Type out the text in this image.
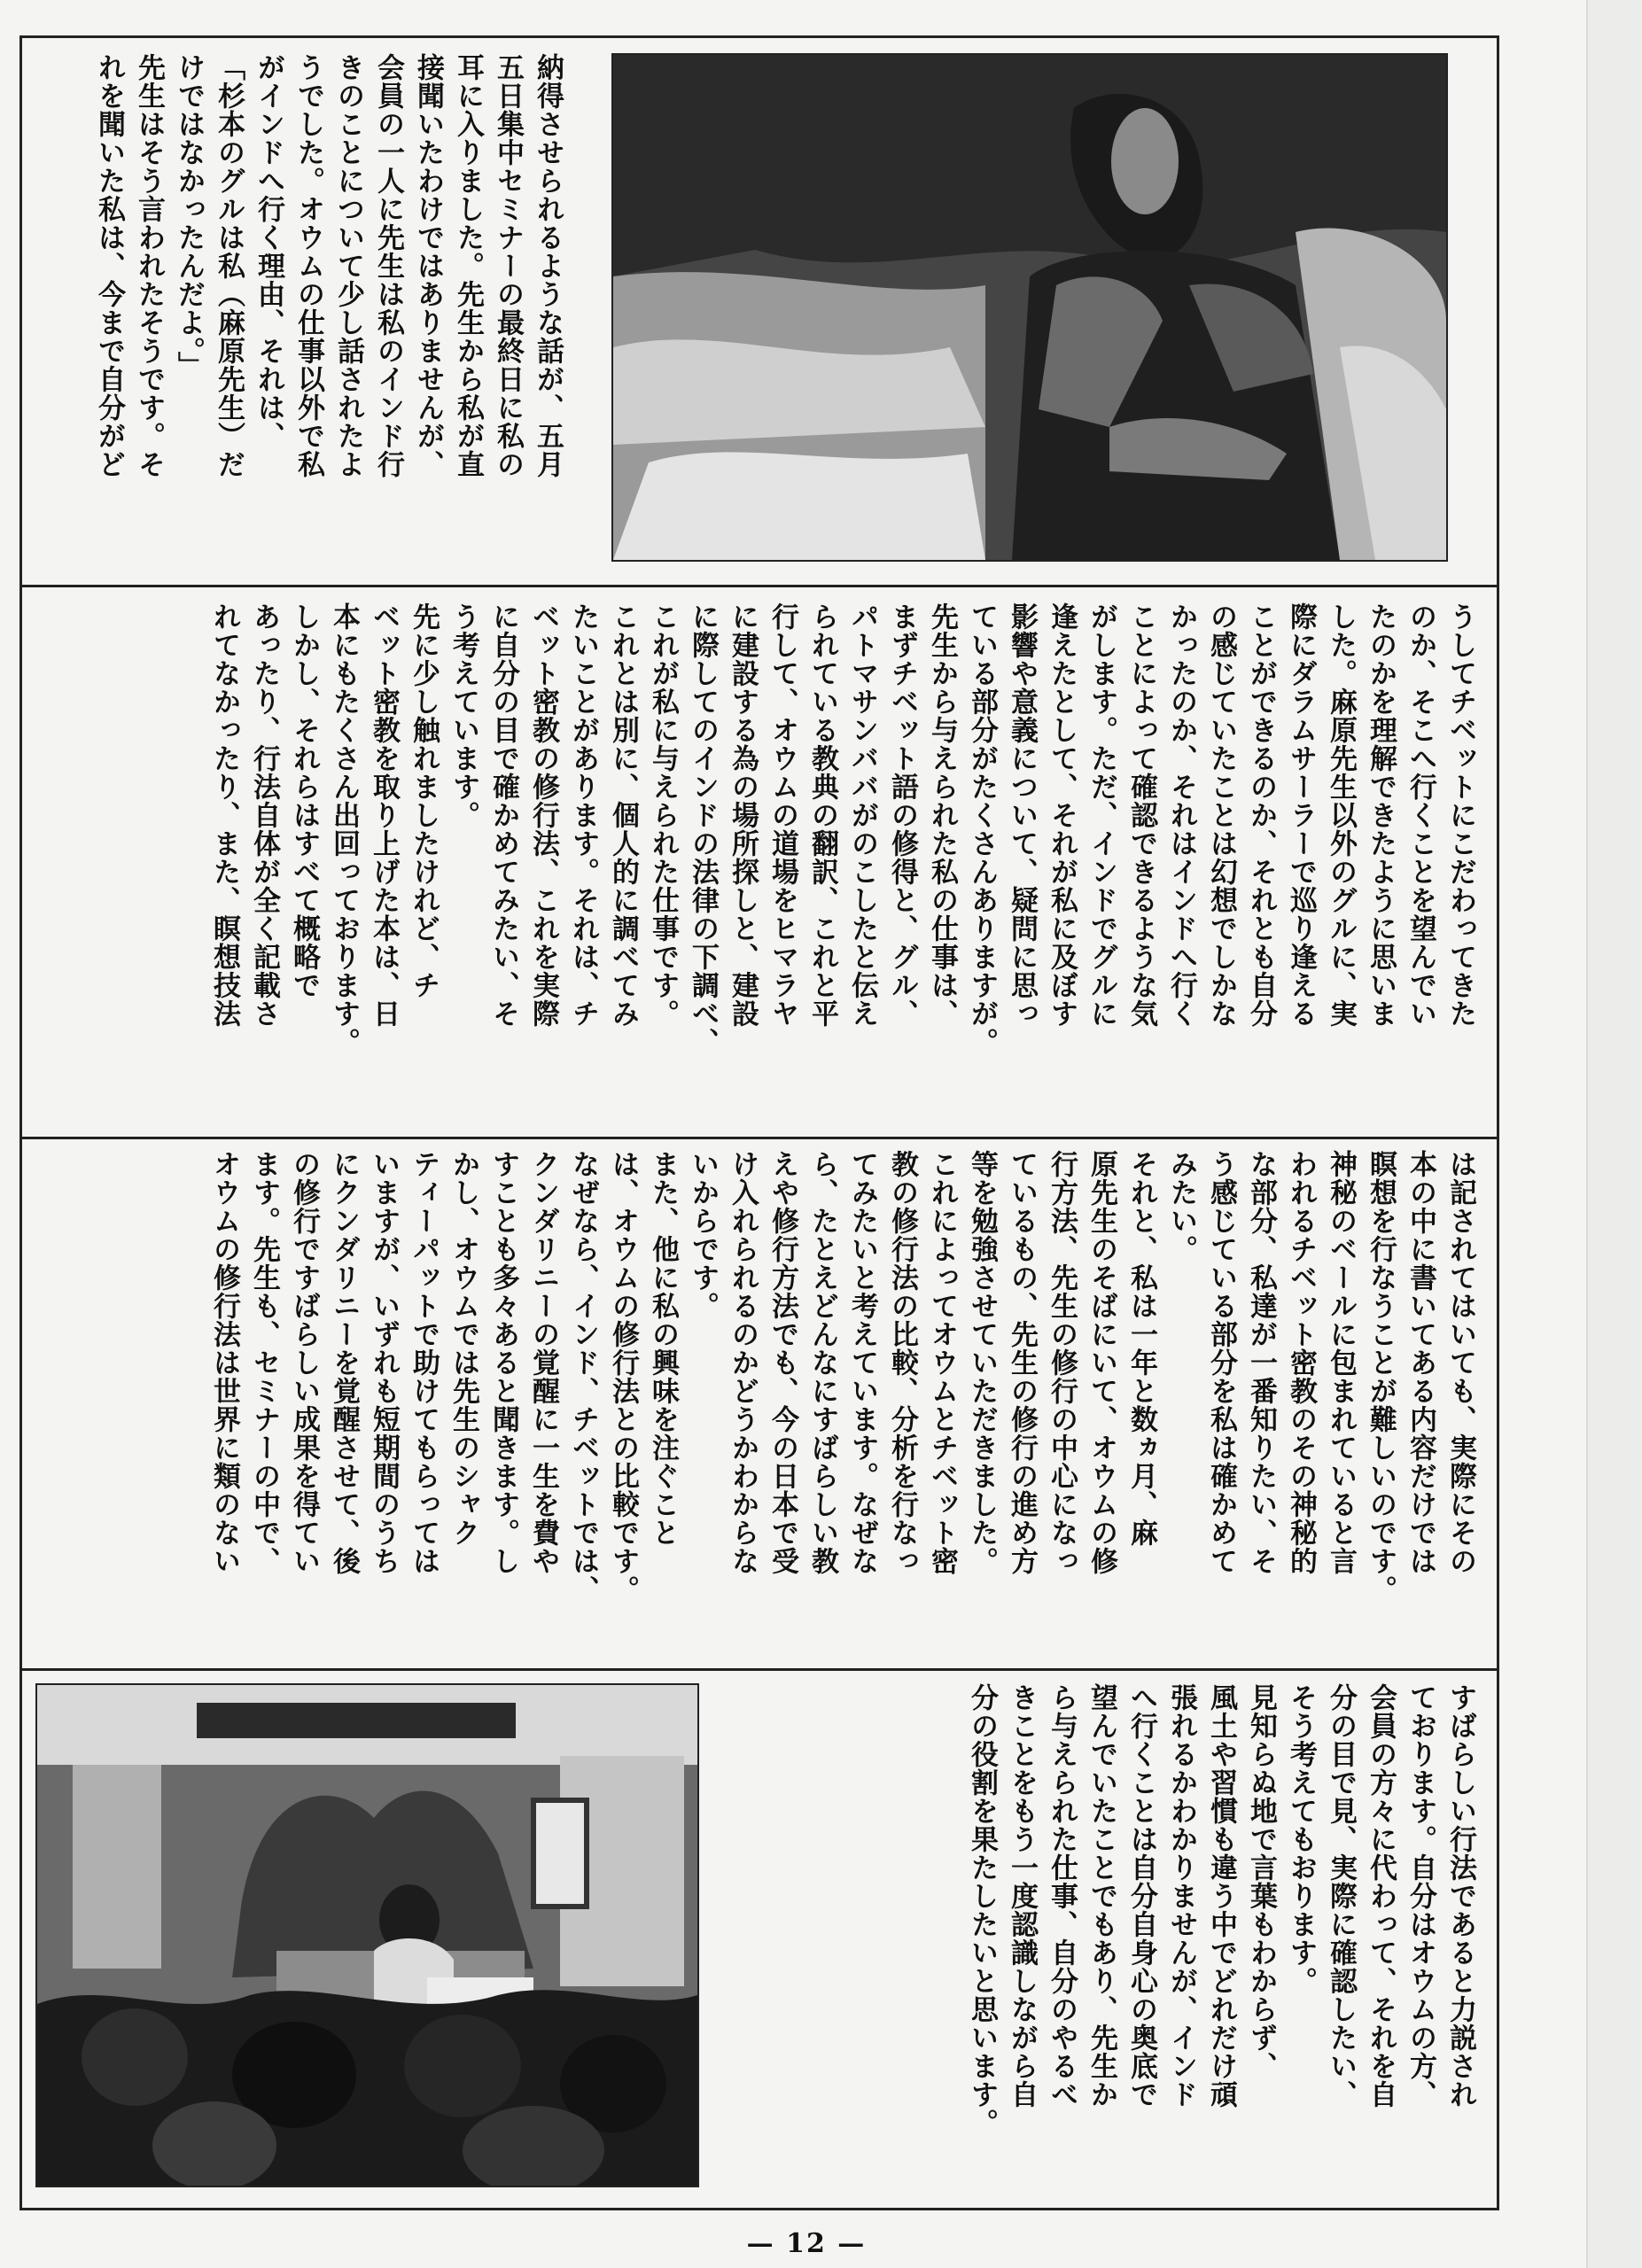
納得させられるような話が、五月
五日集中セミナーの最終日に私の
耳に入りました。先生から私が直
接聞いたわけではありませんが、
会員の一人に先生は私のインド行
きのことについて少し話されたよ
うでした。オウムの仕事以外で私
がインドへ行く理由、それは、
「杉本のグルは私（麻原先生）だ
けではなかったんだよ。」
先生はそう言われたそうです。そ
れを聞いた私は、今まで自分がど
うしてチベットにこだわってきた
のか、そこへ行くことを望んでい
たのかを理解できたように思いま
した。麻原先生以外のグルに、実
際にダラムサーラーで巡り逢える
ことができるのか、それとも自分
の感じていたことは幻想でしかな
かったのか、それはインドへ行く
ことによって確認できるような気
がします。ただ、インドでグルに
逢えたとして、それが私に及ぼす
影響や意義について、疑問に思っ
ている部分がたくさんありますが。
先生から与えられた私の仕事は、
まずチベット語の修得と、グル、
パトマサンババがのこしたと伝え
られている教典の翻訳、これと平
行して、オウムの道場をヒマラヤ
に建設する為の場所探しと、建設
に際してのインドの法律の下調べ、
これが私に与えられた仕事です。
これとは別に、個人的に調べてみ
たいことがあります。それは、チ
ベット密教の修行法、これを実際
に自分の目で確かめてみたい、そ
う考えています。
先に少し触れましたけれど、チ
ベット密教を取り上げた本は、日
本にもたくさん出回っております。
しかし、それらはすべて概略で
あったり、行法自体が全く記載さ
れてなかったり、また、瞑想技法
は記されてはいても、実際にその
本の中に書いてある内容だけでは
瞑想を行なうことが難しいのです。
神秘のベールに包まれていると言
われるチベット密教のその神秘的
な部分、私達が一番知りたい、そ
う感じている部分を私は確かめて
みたい。
それと、私は一年と数ヵ月、麻
原先生のそばにいて、オウムの修
行方法、先生の修行の中心になっ
ているもの、先生の修行の進め方
等を勉強させていただきました。
これによってオウムとチベット密
教の修行法の比較、分析を行なっ
てみたいと考えています。なぜな
ら、たとえどんなにすばらしい教
えや修行方法でも、今の日本で受
け入れられるのかどうかわからな
いからです。
また、他に私の興味を注ぐこと
は、オウムの修行法との比較です。
なぜなら、インド、チベットでは、
クンダリニーの覚醒に一生を費や
すことも多々あると聞きます。し
かし、オウムでは先生のシャク
ティーパットで助けてもらっては
いますが、いずれも短期間のうち
にクンダリニーを覚醒させて、後
の修行ですばらしい成果を得てい
ます。先生も、セミナーの中で、
オウムの修行法は世界に類のない
すばらしい行法であると力説され
ております。自分はオウムの方、
会員の方々に代わって、それを自
分の目で見、実際に確認したい、
そう考えてもおります。
見知らぬ地で言葉もわからず、
風土や習慣も違う中でどれだけ頑
張れるかわかりませんが、インド
へ行くことは自分自身心の奥底で
望んでいたことでもあり、先生か
ら与えられた仕事、自分のやるべ
きことをもう一度認識しながら自
分の役割を果たしたいと思います。
— 12 —
